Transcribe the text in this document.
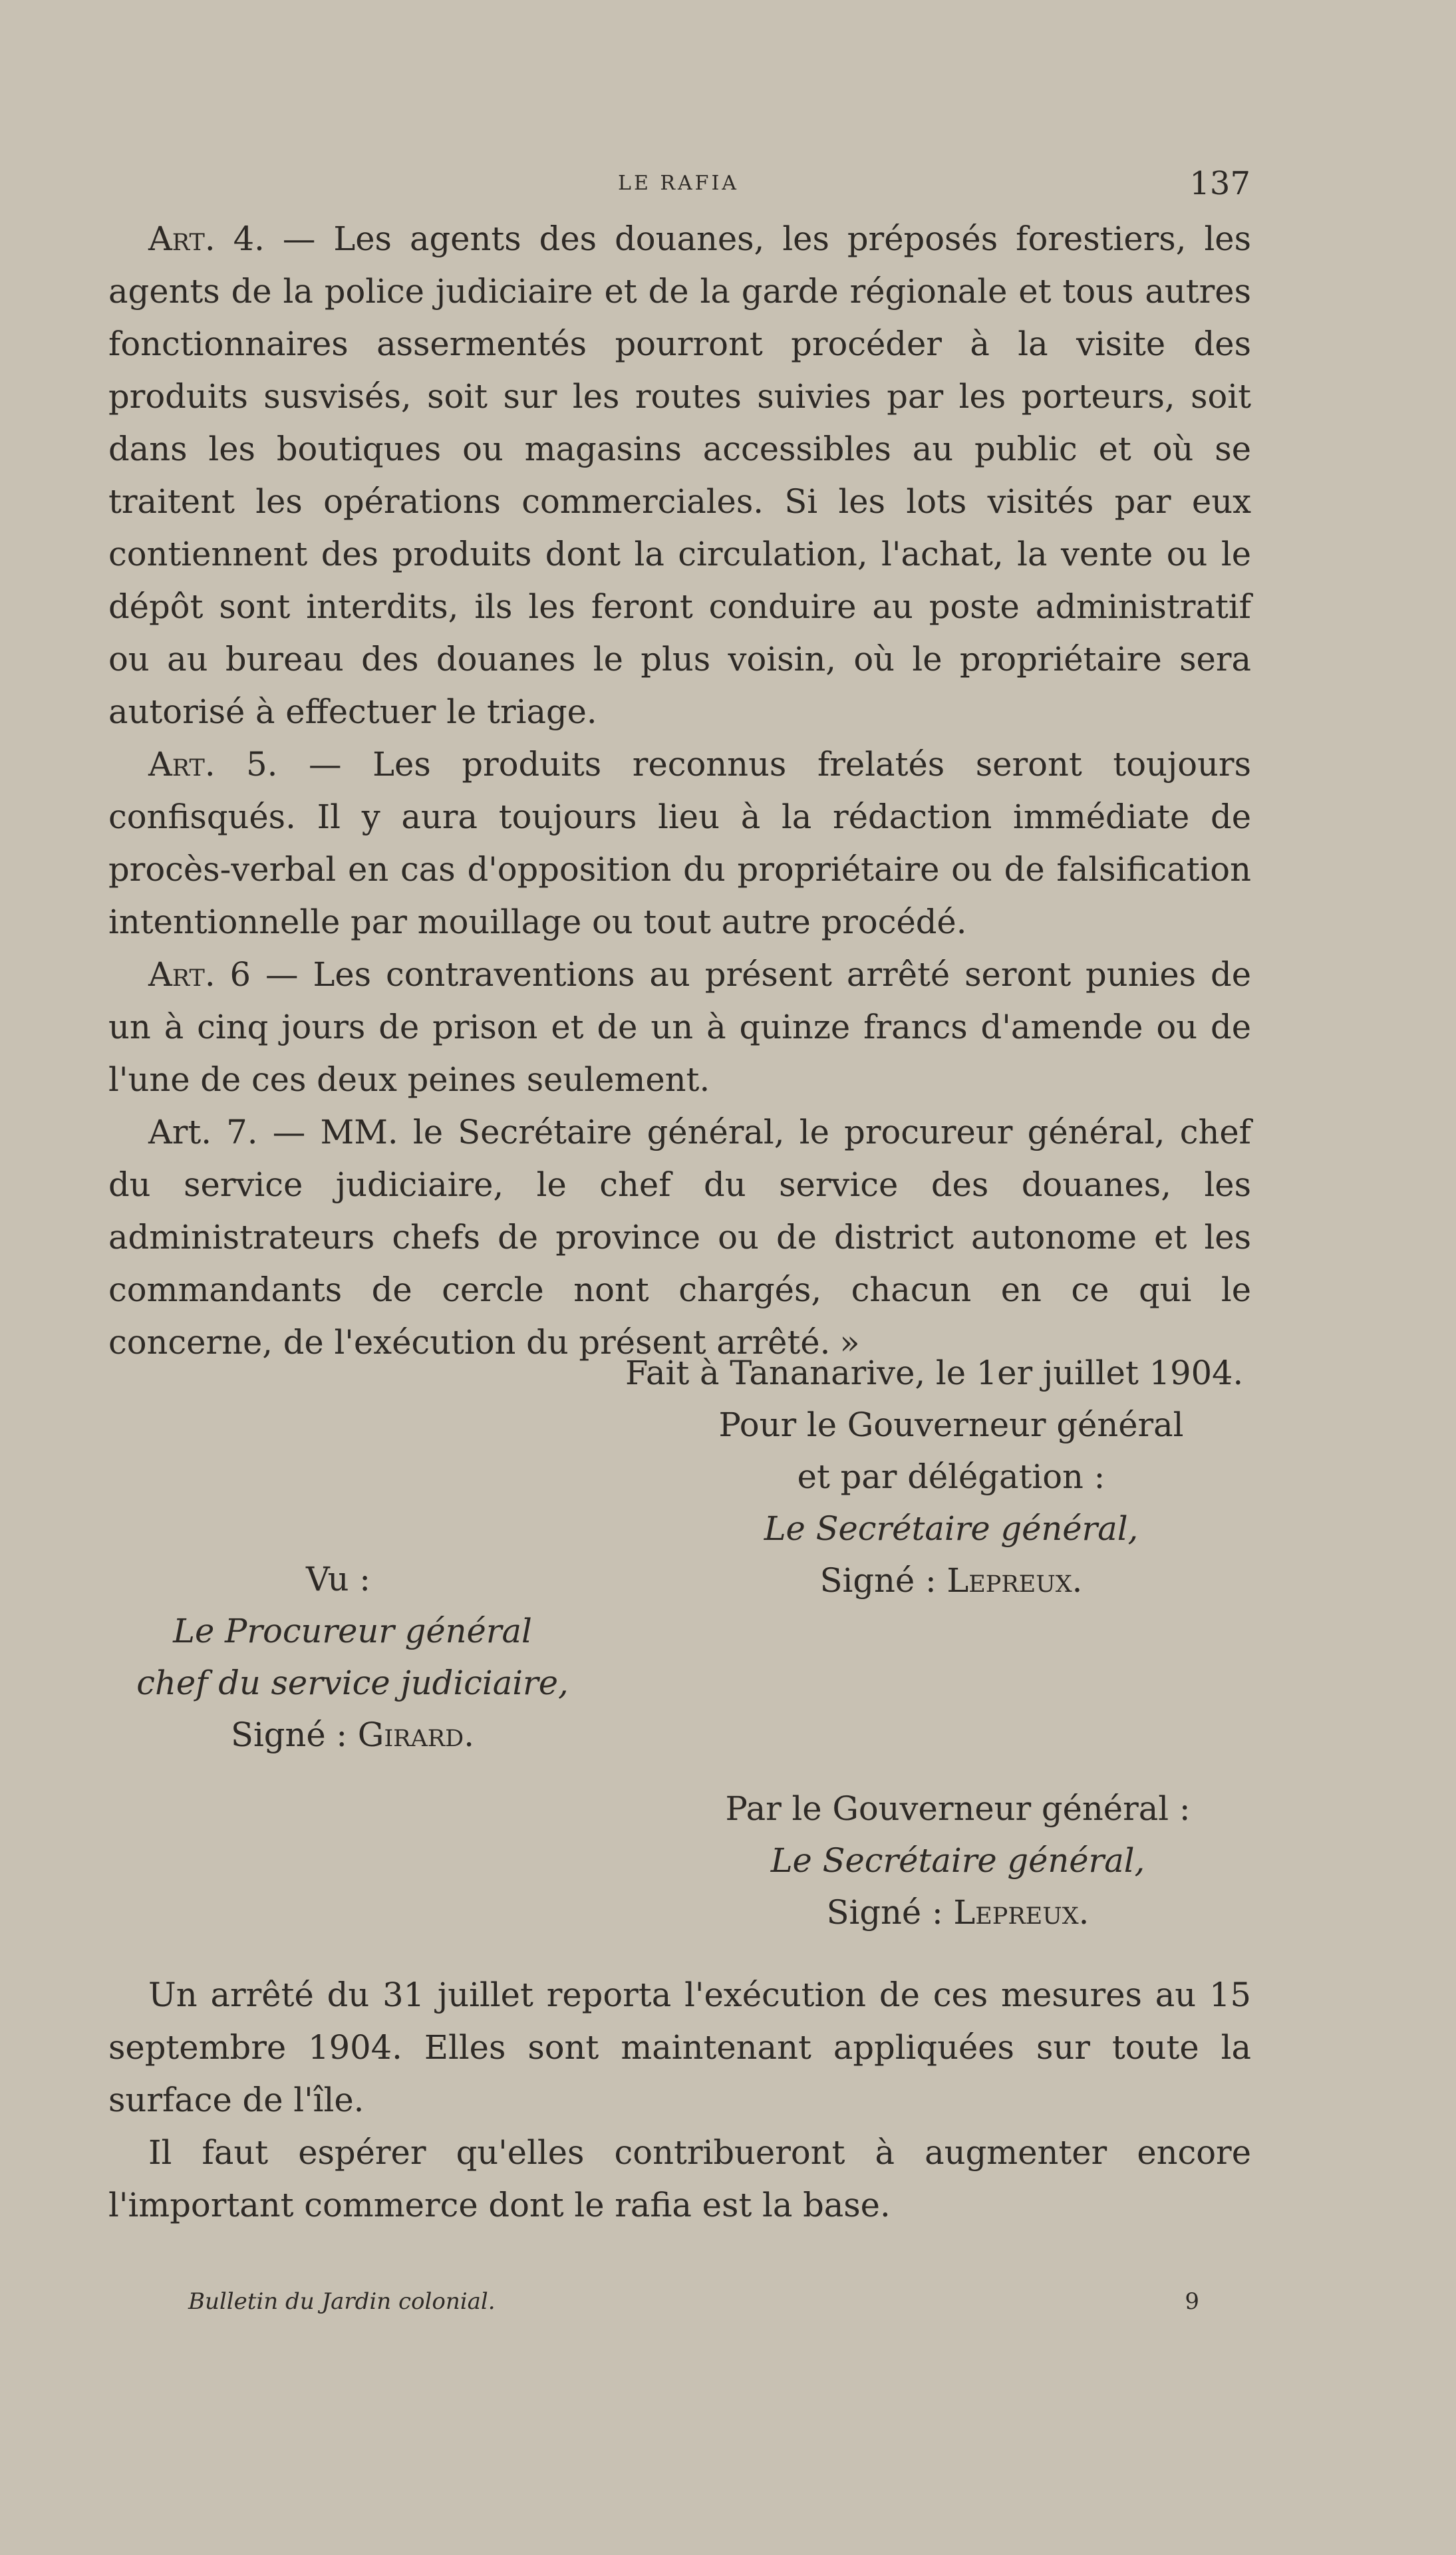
LE RAFIA	137

Art. 4. — Les agents des douanes, les préposés forestiers, les agents de la police judiciaire et de la garde régionale et tous autres fonctionnaires assermentés pourront procéder à la visite des produits susvisés, soit sur les routes suivies par les porteurs, soit dans les boutiques ou magasins accessibles au public et où se traitent les opérations commerciales. Si les lots visités par eux contiennent des produits dont la circulation, l'achat, la vente ou le dépôt sont interdits, ils les feront conduire au poste administratif ou au bureau des douanes le plus voisin, où le propriétaire sera autorisé à effectuer le triage.

Art. 5. — Les produits reconnus frelatés seront toujours confisqués. Il y aura toujours lieu à la rédaction immédiate de procès-verbal en cas d'opposition du propriétaire ou de falsification intentionnelle par mouillage ou tout autre procédé.

Art. 6 — Les contraventions au présent arrêté seront punies de un à cinq jours de prison et de un à quinze francs d'amende ou de l'une de ces deux peines seulement.

Art. 7. — MM. le Secrétaire général, le procureur général, chef du service judiciaire, le chef du service des douanes, les administrateurs chefs de province ou de district autonome et les commandants de cercle nont chargés, chacun en ce qui le concerne, de l'exécution du présent arrêté. »

Fait à Tananarive, le 1er juillet 1904.
Pour le Gouverneur général
et par délégation :
Le Secrétaire général,
Signé : Lepreux.
Vu :
Le Procureur général
chef du service judiciaire,
Signé : Girard.
Par le Gouverneur général :
Le Secrétaire général,
Signé : Lepreux.

Un arrêté du 31 juillet reporta l'exécution de ces mesures au 15 septembre 1904. Elles sont maintenant appliquées sur toute la surface de l'île.

Il faut espérer qu'elles contribueront à augmenter encore l'important commerce dont le rafia est la base.

Bulletin du Jardin colonial.	9
